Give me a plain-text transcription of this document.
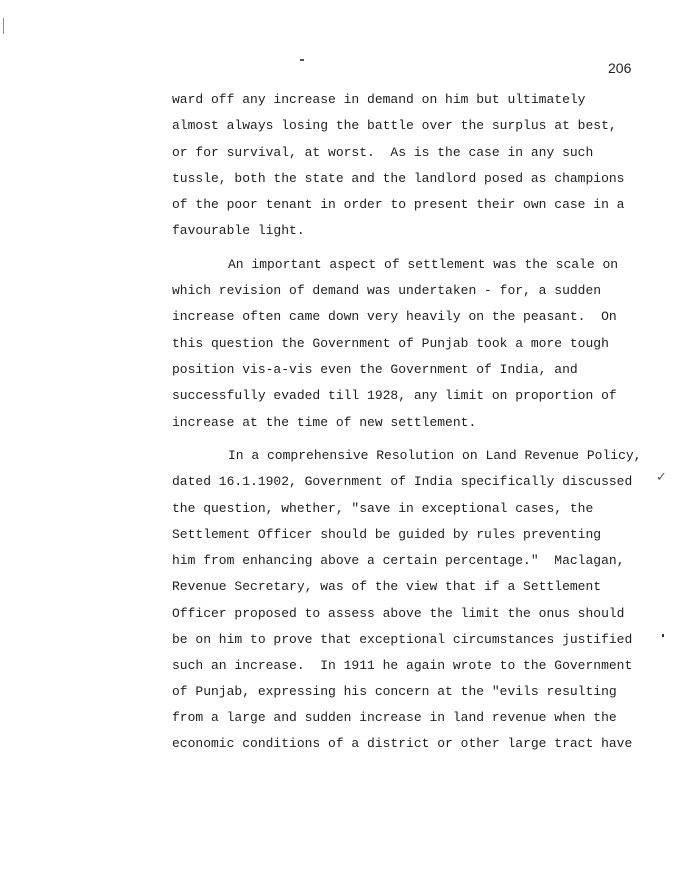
206
ward off any increase in demand on him but ultimately
almost always losing the battle over the surplus at best,
or for survival, at worst.  As is the case in any such
tussle, both the state and the landlord posed as champions
of the poor tenant in order to present their own case in a
favourable light.
An important aspect of settlement was the scale on
which revision of demand was undertaken - for, a sudden
increase often came down very heavily on the peasant.  On
this question the Government of Punjab took a more tough
position vis-a-vis even the Government of India, and
successfully evaded till 1928, any limit on proportion of
increase at the time of new settlement.
In a comprehensive Resolution on Land Revenue Policy,
dated 16.1.1902, Government of India specifically discussed
the question, whether, "save in exceptional cases, the
Settlement Officer should be guided by rules preventing
him from enhancing above a certain percentage."  Maclagan,
Revenue Secretary, was of the view that if a Settlement
Officer proposed to assess above the limit the onus should
be on him to prove that exceptional circumstances justified
such an increase.  In 1911 he again wrote to the Government
of Punjab, expressing his concern at the "evils resulting
from a large and sudden increase in land revenue when the
economic conditions of a district or other large tract have
✓
